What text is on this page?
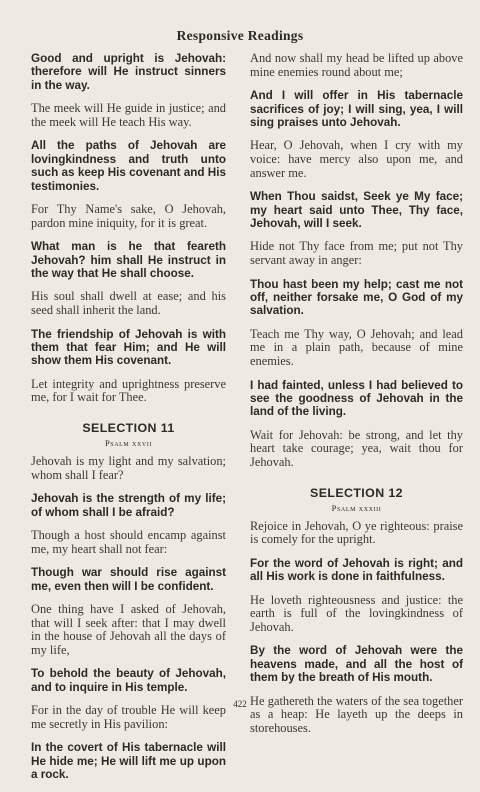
Responsive Readings
Good and upright is Jehovah: therefore will He instruct sinners in the way.
The meek will He guide in justice; and the meek will He teach His way.
All the paths of Jehovah are lovingkindness and truth unto such as keep His covenant and His testimonies.
For Thy Name's sake, O Jehovah, pardon mine iniquity, for it is great.
What man is he that feareth Jehovah? him shall He instruct in the way that He shall choose.
His soul shall dwell at ease; and his seed shall inherit the land.
The friendship of Jehovah is with them that fear Him; and He will show them His covenant.
Let integrity and uprightness preserve me, for I wait for Thee.
SELECTION 11
Psalm xxvii
Jehovah is my light and my salvation; whom shall I fear?
Jehovah is the strength of my life; of whom shall I be afraid?
Though a host should encamp against me, my heart shall not fear:
Though war should rise against me, even then will I be confident.
One thing have I asked of Jehovah, that will I seek after: that I may dwell in the house of Jehovah all the days of my life,
To behold the beauty of Jehovah, and to inquire in His temple.
For in the day of trouble He will keep me secretly in His pavilion:
In the covert of His tabernacle will He hide me; He will lift me up upon a rock.
And now shall my head be lifted up above mine enemies round about me;
And I will offer in His tabernacle sacrifices of joy; I will sing, yea, I will sing praises unto Jehovah.
Hear, O Jehovah, when I cry with my voice: have mercy also upon me, and answer me.
When Thou saidst, Seek ye My face; my heart said unto Thee, Thy face, Jehovah, will I seek.
Hide not Thy face from me; put not Thy servant away in anger:
Thou hast been my help; cast me not off, neither forsake me, O God of my salvation.
Teach me Thy way, O Jehovah; and lead me in a plain path, because of mine enemies.
I had fainted, unless I had believed to see the goodness of Jehovah in the land of the living.
Wait for Jehovah: be strong, and let thy heart take courage; yea, wait thou for Jehovah.
SELECTION 12
Psalm xxxiii
Rejoice in Jehovah, O ye righteous: praise is comely for the upright.
For the word of Jehovah is right; and all His work is done in faithfulness.
He loveth righteousness and justice: the earth is full of the lovingkindness of Jehovah.
By the word of Jehovah were the heavens made, and all the host of them by the breath of His mouth.
He gathereth the waters of the sea together as a heap: He layeth up the deeps in storehouses.
422
